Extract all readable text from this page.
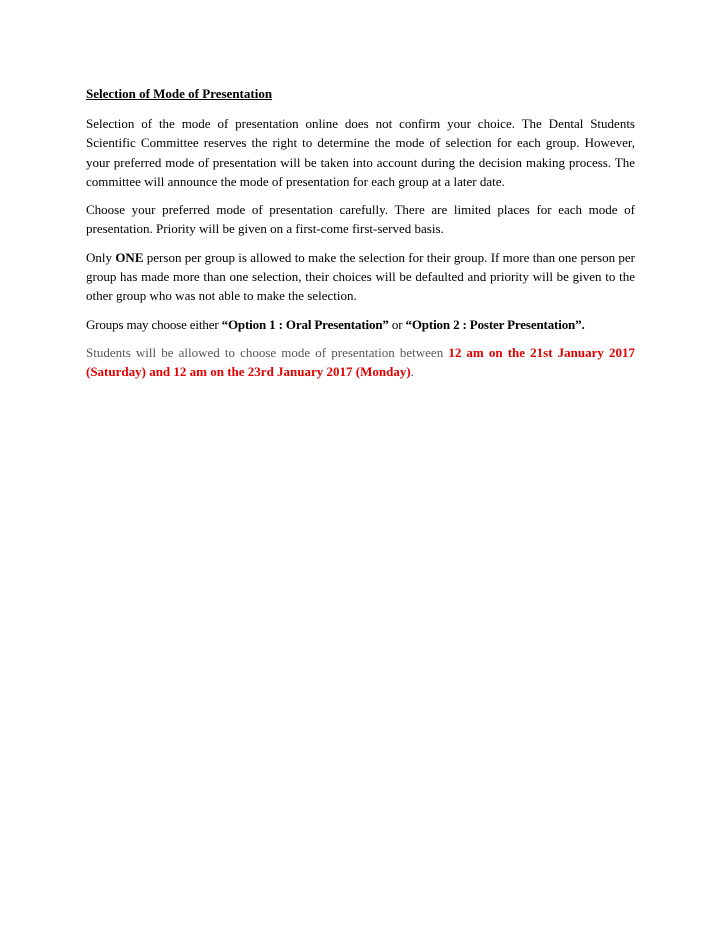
Selection of Mode of Presentation

Selection of the mode of presentation online does not confirm your choice. The Dental Students Scientific Committee reserves the right to determine the mode of selection for each group. However, your preferred mode of presentation will be taken into account during the decision making process. The committee will announce the mode of presentation for each group at a later date.

Choose your preferred mode of presentation carefully. There are limited places for each mode of presentation. Priority will be given on a first-come first-served basis.

Only ONE person per group is allowed to make the selection for their group. If more than one person per group has made more than one selection, their choices will be defaulted and priority will be given to the other group who was not able to make the selection.

Groups may choose either “Option 1 : Oral Presentation” or “Option 2 : Poster Presentation”.

Students will be allowed to choose mode of presentation between 12 am on the 21st January 2017 (Saturday) and 12 am on the 23rd January 2017 (Monday).
